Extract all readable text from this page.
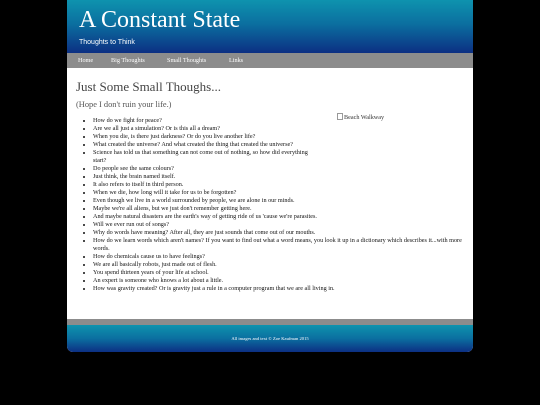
A Constant State
Thoughts to Think
Home	Big Thoughts	Small Thoughts	Links
Just Some Small Thoughs...

(Hope I don't ruin your life.)

Beach Walkway
• How do we fight for peace?
• Are we all just a simulation? Or is this all a dream?
• When you die, is there just darkness? Or do you live another life?
• What created the universe? And what created the thing that created the universe?
• Science has told us that something can not come out of nothing, so how did everything start?
• Do people see the same colours?
• Just think, the brain named itself.
• It also refers to itself in third person.
• When we die, how long will it take for us to be forgotten?
• Even though we live in a world surrounded by people, we are alone in our minds.
• Maybe we're all aliens, but we just don't remember getting here.
• And maybe natural disasters are the earth's way of getting ride of us 'cause we're parasites.
• Will we ever run out of songs?
• Why do words have meaning? After all, they are just sounds that come out of our mouths.
• How do we learn words which aren't names? If you want to find out what a word means, you look it up in a dictionary which describes it...with more words.
• How do chemicals cause us to have feelings?
• We are all basically robots, just made out of flesh.
• You spend thirteen years of your life at school.
• An expert is someone who knows a lot about a little.
• How was gravity created? Or is gravity just a rule in a computer program that we are all living in.
All images and text © Zoe Kaufman 2015
